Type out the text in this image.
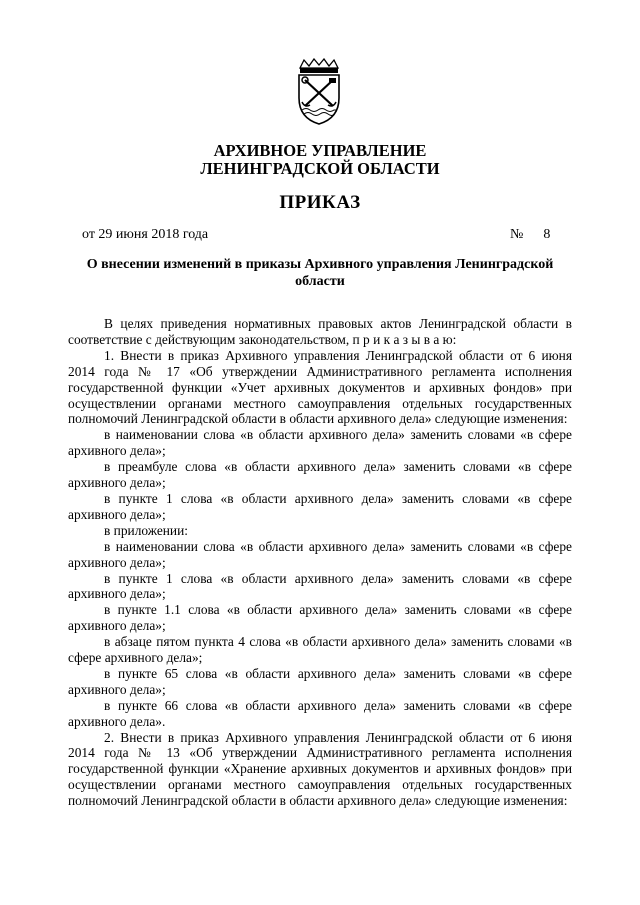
АРХИВНОЕ УПРАВЛЕНИЕ
ЛЕНИНГРАДСКОЙ ОБЛАСТИ
ПРИКАЗ
от 29 июня 2018 года	№ 8
О внесении изменений в приказы Архивного управления Ленинградской области

В целях приведения нормативных правовых актов Ленинградской области в соответствие с действующим законодательством, п р и к а з ы в а ю:

1. Внести в приказ Архивного управления Ленинградской области от 6 июня 2014 года № 17 «Об утверждении Административного регламента исполнения государственной функции «Учет архивных документов и архивных фондов» при осуществлении органами местного самоуправления отдельных государственных полномочий Ленинградской области в области архивного дела» следующие изменения:

в наименовании слова «в области архивного дела» заменить словами «в сфере архивного дела»;

в преамбуле слова «в области архивного дела» заменить словами «в сфере архивного дела»;

в пункте 1 слова «в области архивного дела» заменить словами «в сфере архивного дела»;

в приложении:

в наименовании слова «в области архивного дела» заменить словами «в сфере архивного дела»;

в пункте 1 слова «в области архивного дела» заменить словами «в сфере архивного дела»;

в пункте 1.1 слова «в области архивного дела» заменить словами «в сфере архивного дела»;

в абзаце пятом пункта 4 слова «в области архивного дела» заменить словами «в сфере архивного дела»;

в пункте 65 слова «в области архивного дела» заменить словами «в сфере архивного дела»;

в пункте 66 слова «в области архивного дела» заменить словами «в сфере архивного дела».

2. Внести в приказ Архивного управления Ленинградской области от 6 июня 2014 года № 13 «Об утверждении Административного регламента исполнения государственной функции «Хранение архивных документов и архивных фондов» при осуществлении органами местного самоуправления отдельных государственных полномочий Ленинградской области в области архивного дела» следующие изменения:
